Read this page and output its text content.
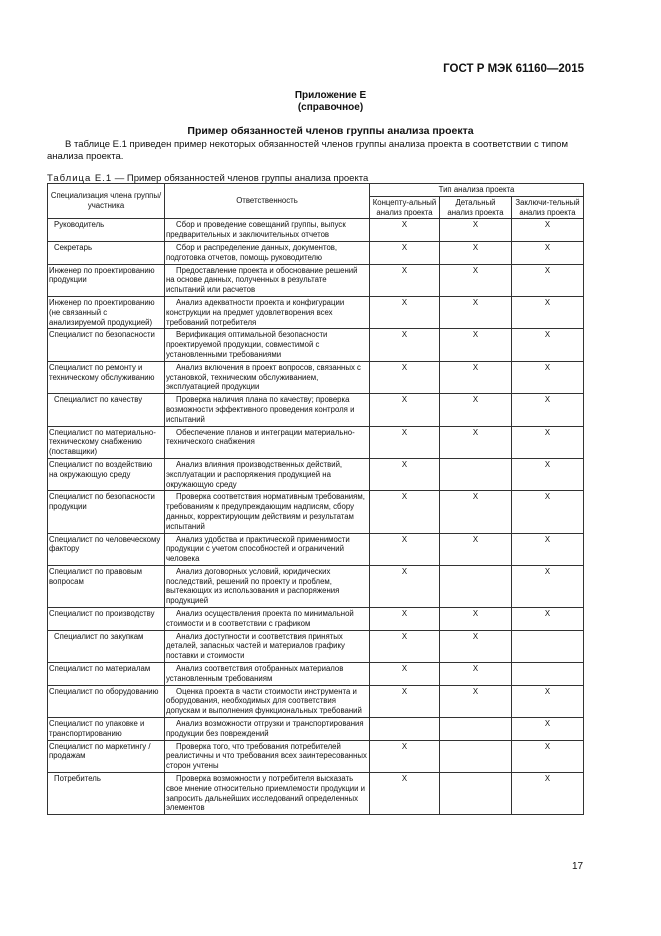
ГОСТ Р МЭК 61160—2015
Приложение Е
(справочное)
Пример обязанностей членов группы анализа проекта
В таблице Е.1 приведен пример некоторых обязанностей членов группы анализа проекта в соответствии с типом анализа проекта.
Таблица Е.1 — Пример обязанностей членов группы анализа проекта
Специализация члена группы/ участника	Ответственность	Тип анализа проекта		
		Концепту-альный анализ проекта	Детальный анализ проекта	Заключи-тельный анализ проекта
Руководитель	Сбор и проведение совещаний группы, выпуск предварительных и заключительных отчетов	X	X	X
Секретарь	Сбор и распределение данных, документов, подготовка отчетов, помощь руководителю	X	X	X
Инженер по проектированию продукции	Предоставление проекта и обоснование решений на основе данных, полученных в результате испытаний или расчетов	X	X	X
Инженер по проектированию (не связанный с анализируемой продукцией)	Анализ адекватности проекта и конфигурации конструкции на предмет удовлетворения всех требований потребителя	X	X	X
Специалист по безопасности	Верификация оптимальной безопасности проектируемой продукции, совместимой с установленными требованиями	X	X	X
Специалист по ремонту и техническому обслуживанию	Анализ включения в проект вопросов, связанных с установкой, техническим обслуживанием, эксплуатацией продукции	X	X	X
Специалист по качеству	Проверка наличия плана по качеству; проверка возможности эффективного проведения контроля и испытаний	X	X	X
Специалист по материально-техническому снабжению (поставщики)	Обеспечение планов и интеграции материально-технического снабжения	X	X	X
Специалист по воздействию на окружающую среду	Анализ влияния производственных действий, эксплуатации и распоряжения продукцией на окружающую среду	X		X
Специалист по безопасности продукции	Проверка соответствия нормативным требованиям, требованиям к предупреждающим надписям, сбору данных, корректирующим действиям и результатам испытаний	X	X	X
Специалист по человеческому фактору	Анализ удобства и практической применимости продукции с учетом способностей и ограничений человека	X	X	X
Специалист по правовым вопросам	Анализ договорных условий, юридических последствий, решений по проекту и проблем, вытекающих из использования и распоряжения продукцией	X		X
Специалист по производству	Анализ осуществления проекта по минимальной стоимости и в соответствии с графиком	X	X	X
Специалист по закупкам	Анализ доступности и соответствия принятых деталей, запасных частей и материалов графику поставки и стоимости	X	X	
Специалист по материалам	Анализ соответствия отобранных материалов установленным требованиям	X	X	
Специалист по оборудованию	Оценка проекта в части стоимости инструмента и оборудования, необходимых для соответствия допускам и выполнения функциональных требований	X	X	X
Специалист по упаковке и транспортированию	Анализ возможности отгрузки и транспортирования продукции без повреждений			X
Специалист по маркетингу / продажам	Проверка того, что требования потребителей реалистичны и что требования всех заинтересованных сторон учтены	X		X
Потребитель	Проверка возможности у потребителя высказать свое мнение относительно приемлемости продукции и запросить дальнейших исследований определенных элементов	X		X
17
